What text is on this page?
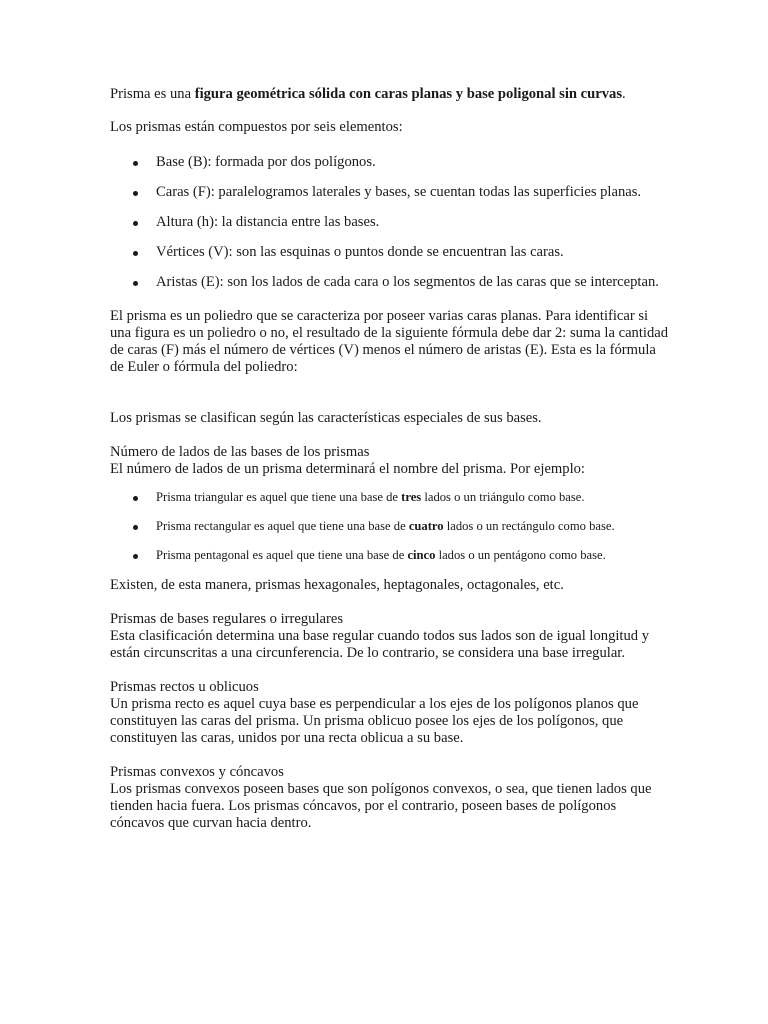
Prisma es una figura geométrica sólida con caras planas y base poligonal sin curvas.

Los prismas están compuestos por seis elementos:

Base (B): formada por dos polígonos.
Caras (F): paralelogramos laterales y bases, se cuentan todas las superficies planas.
Altura (h): la distancia entre las bases.
Vértices (V): son las esquinas o puntos donde se encuentran las caras.
Aristas (E): son los lados de cada cara o los segmentos de las caras que se interceptan.

El prisma es un poliedro que se caracteriza por poseer varias caras planas. Para identificar si una figura es un poliedro o no, el resultado de la siguiente fórmula debe dar 2: suma la cantidad de caras (F) más el número de vértices (V) menos el número de aristas (E). Esta es la fórmula de Euler o fórmula del poliedro:

Los prismas se clasifican según las características especiales de sus bases.

Número de lados de las bases de los prismas

El número de lados de un prisma determinará el nombre del prisma. Por ejemplo:

Prisma triangular es aquel que tiene una base de tres lados o un triángulo como base.
Prisma rectangular es aquel que tiene una base de cuatro lados o un rectángulo como base.
Prisma pentagonal es aquel que tiene una base de cinco lados o un pentágono como base.

Existen, de esta manera, prismas hexagonales, heptagonales, octagonales, etc.

Prismas de bases regulares o irregulares

Esta clasificación determina una base regular cuando todos sus lados son de igual longitud y están circunscritas a una circunferencia. De lo contrario, se considera una base irregular.

Prismas rectos u oblicuos

Un prisma recto es aquel cuya base es perpendicular a los ejes de los polígonos planos que constituyen las caras del prisma. Un prisma oblicuo posee los ejes de los polígonos, que constituyen las caras, unidos por una recta oblicua a su base.

Prismas convexos y cóncavos

Los prismas convexos poseen bases que son polígonos convexos, o sea, que tienen lados que tienden hacia fuera. Los prismas cóncavos, por el contrario, poseen bases de polígonos cóncavos que curvan hacia dentro.
